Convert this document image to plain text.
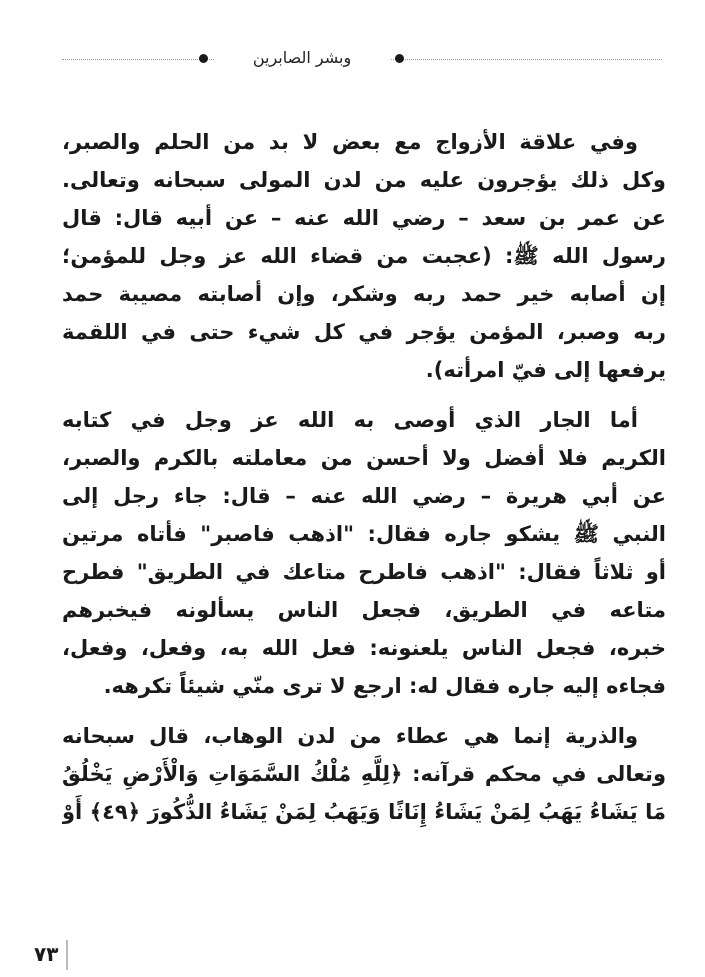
وبشر الصابرين
وفي علاقة الأزواج مع بعض لا بد من الحلم والصبر،
وكل ذلك يؤجرون عليه من لدن المولى سبحانه وتعالى.
عن عمر بن سعد – رضي الله عنه – عن أبيه قال: قال
رسول الله ﷺ: (عجبت من قضاء الله عز وجل للمؤمن؛
إن أصابه خير حمد ربه وشكر، وإن أصابته مصيبة حمد
ربه وصبر، المؤمن يؤجر في كل شيء حتى في اللقمة
يرفعها إلى فيّ امرأته).
أما الجار الذي أوصى به الله عز وجل في كتابه
الكريم فلا أفضل ولا أحسن من معاملته بالكرم والصبر،
عن أبي هريرة – رضي الله عنه – قال: جاء رجل إلى
النبي ﷺ يشكو جاره فقال: "اذهب فاصبر" فأتاه مرتين
أو ثلاثاً فقال: "اذهب فاطرح متاعك في الطريق" فطرح
متاعه في الطريق، فجعل الناس يسألونه فيخبرهم
خبره، فجعل الناس يلعنونه: فعل الله به، وفعل، وفعل،
فجاءه إليه جاره فقال له: ارجع لا ترى منّي شيئاً تكرهه.
والذرية إنما هي عطاء من لدن الوهاب، قال سبحانه
وتعالى في محكم قرآنه: ﴿لِلَّهِ مُلْكُ السَّمَوَاتِ وَالْأَرْضِ يَخْلُقُ
مَا يَشَاءُ يَهَبُ لِمَنْ يَشَاءُ إِنَاثًا وَيَهَبُ لِمَنْ يَشَاءُ الذُّكُورَ ﴿٤٩﴾ أَوْ
٧٣
